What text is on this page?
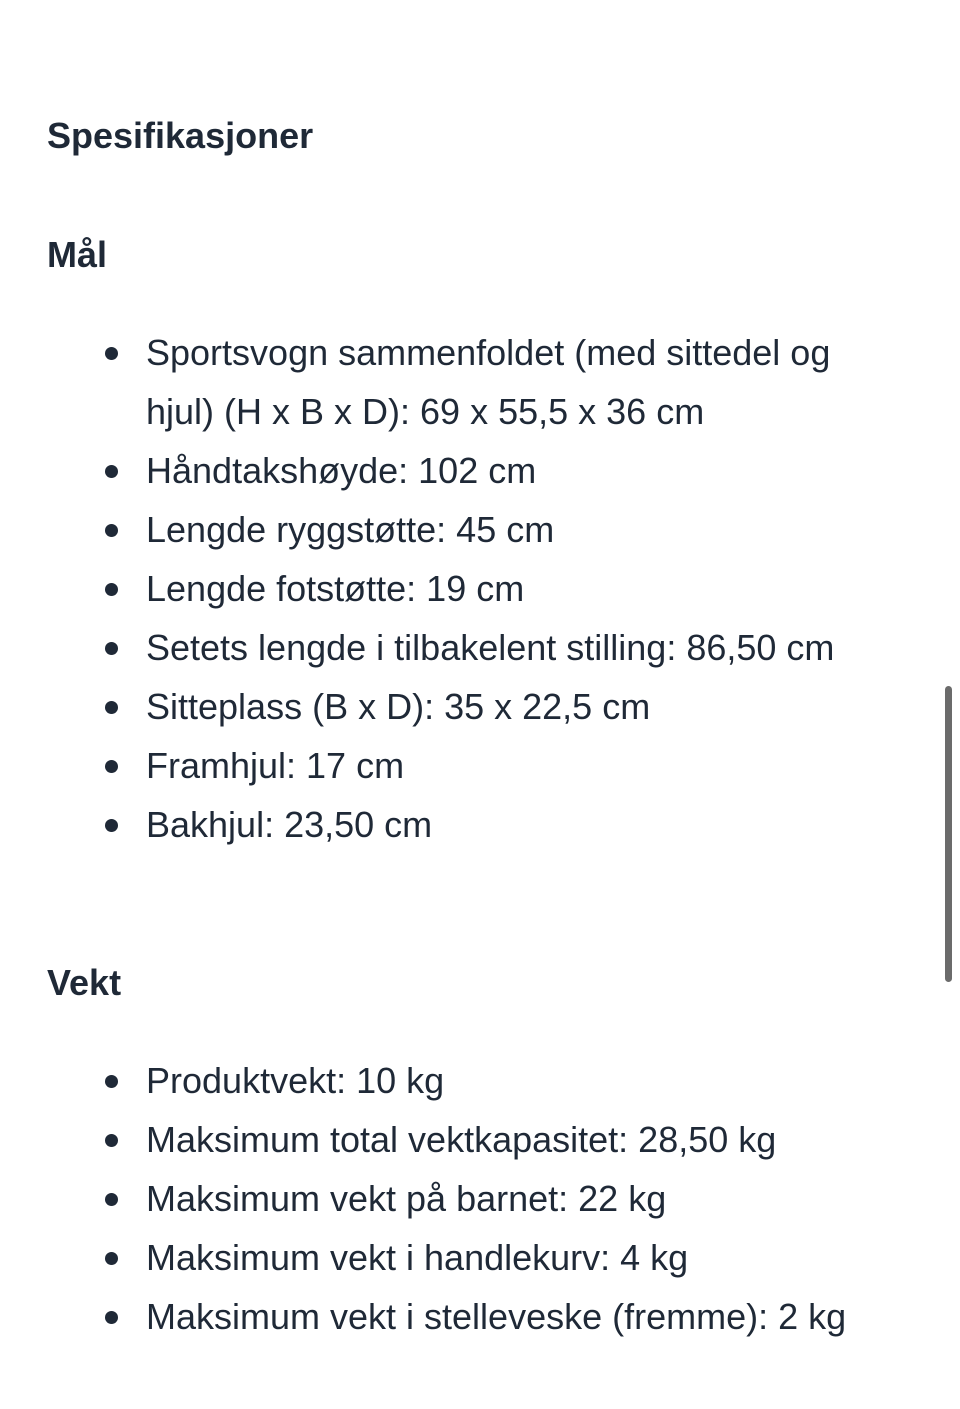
Spesifikasjoner
Mål
Sportsvogn sammenfoldet (med sittedel og hjul) (H x B x D): 69 x 55,5 x 36 cm
Håndtakshøyde: 102 cm
Lengde ryggstøtte: 45 cm
Lengde fotstøtte: 19 cm
Setets lengde i tilbakelent stilling: 86,50 cm
Sitteplass (B x D): 35 x 22,5 cm
Framhjul: 17 cm
Bakhjul: 23,50 cm
Vekt
Produktvekt: 10 kg
Maksimum total vektkapasitet: 28,50 kg
Maksimum vekt på barnet: 22 kg
Maksimum vekt i handlekurv: 4 kg
Maksimum vekt i stelleveske (fremme): 2 kg
